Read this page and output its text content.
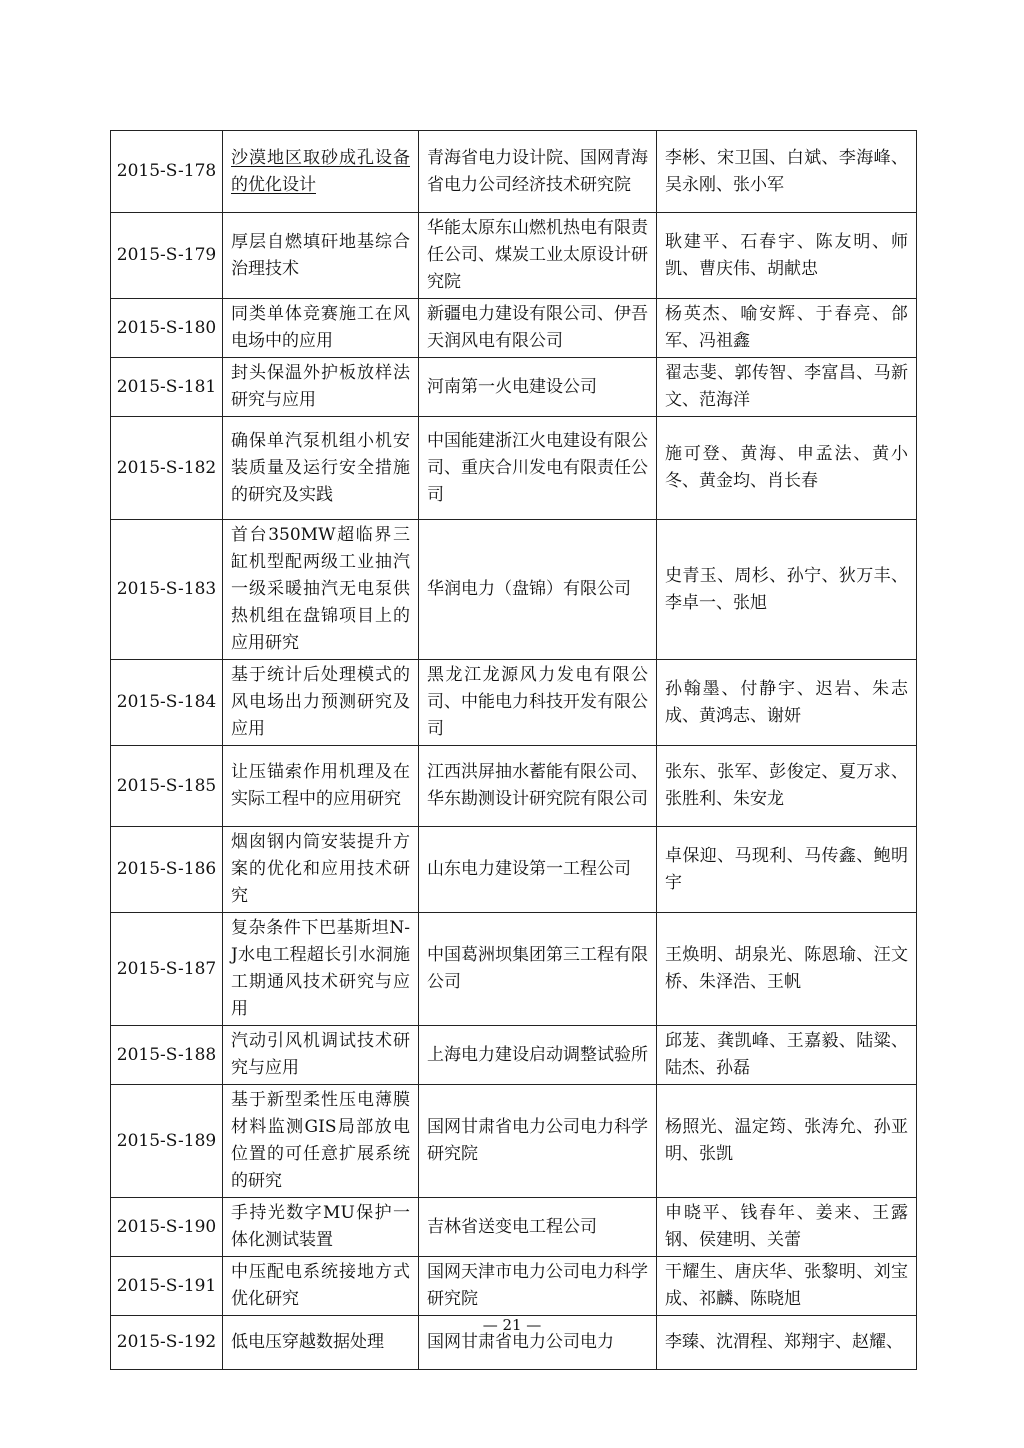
2015-S-178	沙漠地区取砂成孔设备的优化设计	青海省电力设计院、国网青海省电力公司经济技术研究院	李彬、宋卫国、白斌、李海峰、吴永刚、张小军
2015-S-179	厚层自燃填矸地基综合治理技术	华能太原东山燃机热电有限责任公司、煤炭工业太原设计研究院	耿建平、石春宇、陈友明、师凯、曹庆伟、胡献忠
2015-S-180	同类单体竞赛施工在风电场中的应用	新疆电力建设有限公司、伊吾天润风电有限公司	杨英杰、喻安辉、于春亮、郃军、冯祖鑫
2015-S-181	封头保温外护板放样法研究与应用	河南第一火电建设公司	翟志斐、郭传智、李富昌、马新文、范海洋
2015-S-182	确保单汽泵机组小机安装质量及运行安全措施的研究及实践	中国能建浙江火电建设有限公司、重庆合川发电有限责任公司	施可登、黄海、申孟法、黄小冬、黄金均、肖长春
2015-S-183	首台350MW超临界三缸机型配两级工业抽汽一级采暖抽汽无电泵供热机组在盘锦项目上的应用研究	华润电力（盘锦）有限公司	史青玉、周杉、孙宁、狄万丰、李卓一、张旭
2015-S-184	基于统计后处理模式的风电场出力预测研究及应用	黑龙江龙源风力发电有限公司、中能电力科技开发有限公司	孙翰墨、付静宇、迟岩、朱志成、黄鸿志、谢妍
2015-S-185	让压锚索作用机理及在实际工程中的应用研究	江西洪屏抽水蓄能有限公司、华东勘测设计研究院有限公司	张东、张军、彭俊定、夏万求、张胜利、朱安龙
2015-S-186	烟囱钢内筒安装提升方案的优化和应用技术研究	山东电力建设第一工程公司	卓保迎、马现利、马传鑫、鲍明宇
2015-S-187	复杂条件下巴基斯坦N-J水电工程超长引水洞施工期通风技术研究与应用	中国葛洲坝集团第三工程有限公司	王焕明、胡泉光、陈恩瑜、汪文桥、朱泽浩、王帆
2015-S-188	汽动引风机调试技术研究与应用	上海电力建设启动调整试验所	邱茏、龚凯峰、王嘉毅、陆粱、陆杰、孙磊
2015-S-189	基于新型柔性压电薄膜材料监测GIS局部放电位置的可任意扩展系统的研究	国网甘肃省电力公司电力科学研究院	杨照光、温定筠、张涛允、孙亚明、张凯
2015-S-190	手持光数字MU保护一体化测试装置	吉林省送变电工程公司	申晓平、钱春年、姜来、王露钢、侯建明、关蕾
2015-S-191	中压配电系统接地方式优化研究	国网天津市电力公司电力科学研究院	干耀生、唐庆华、张黎明、刘宝成、祁麟、陈晓旭
2015-S-192	低电压穿越数据处理	国网甘肃省电力公司电力	李臻、沈渭程、郑翔宇、赵耀、
— 21 —
